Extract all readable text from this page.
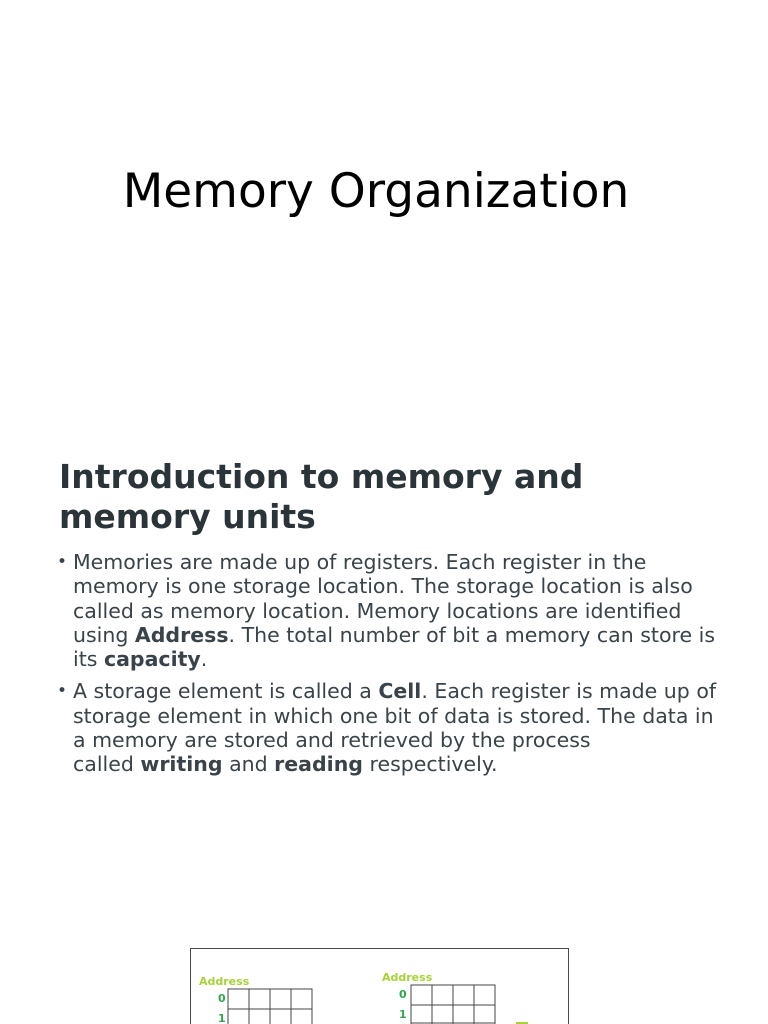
Memory Organization
Introduction to memory and
memory units
• Memories are made up of registers. Each register in the memory is one storage location. The storage location is also called as memory location. Memory locations are identified using Address. The total number of bit a memory can store is its capacity.
• A storage element is called a Cell. Each register is made up of storage element in which one bit of data is stored. The data in a memory are stored and retrieved by the process
called writing and reading respectively.
Address
0
1
Address
0
1
